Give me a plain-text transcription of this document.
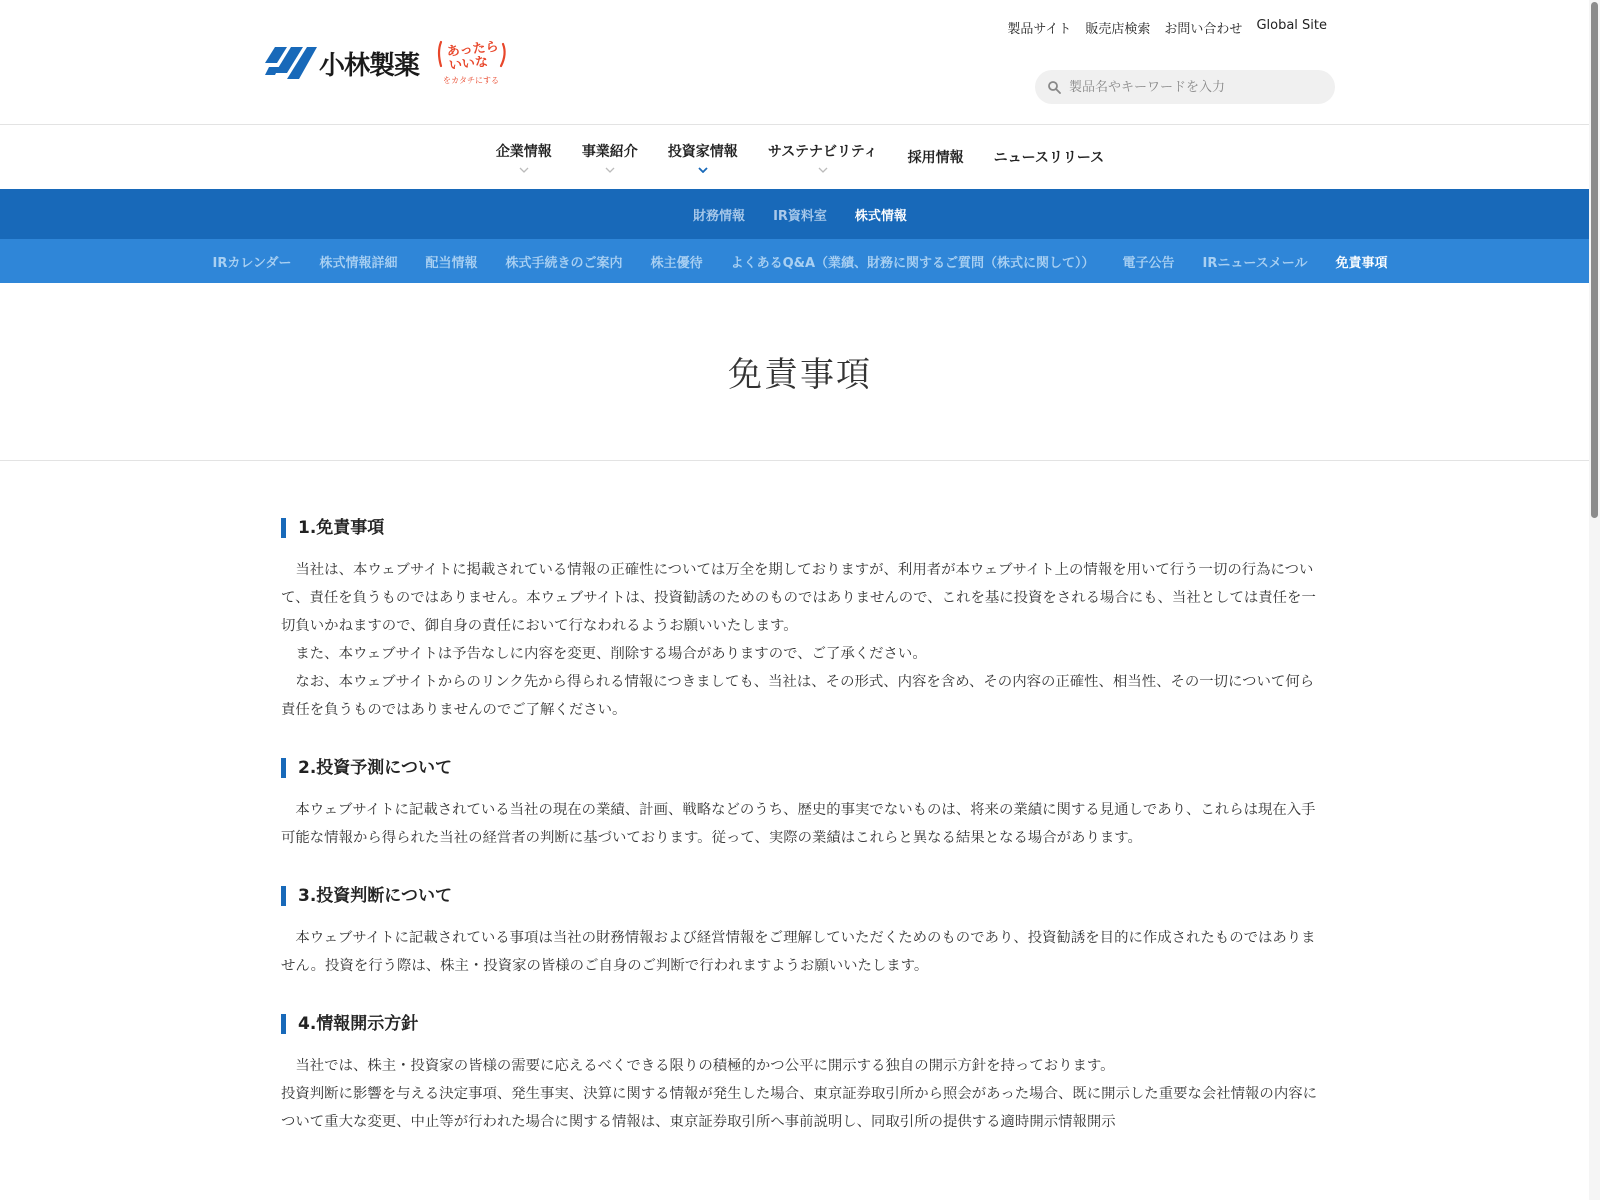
小林製薬
あったら
いいな
をカタチにする
製品サイト 販売店検索 お問い合わせ Global Site
製品名やキーワードを入力
企業情報 事業紹介 投資家情報 サステナビリティ 採用情報 ニュースリリース
財務情報	IR資料室	株式情報
IRカレンダー	株式情報詳細	配当情報	株式手続きのご案内	株主優待	よくあるQ&A（業績、財務に関するご質問（株式に関して））	電子公告	IRニュースメール	免責事項
免責事項
1.免責事項

当社は、本ウェブサイトに掲載されている情報の正確性については万全を期しておりますが、利用者が本ウェブサイト上の情報を用いて行う一切の行為について、責任を負うものではありません。本ウェブサイトは、投資勧誘のためのものではありませんので、これを基に投資をされる場合にも、当社としては責任を一切負いかねますので、御自身の責任において行なわれるようお願いいたします。

また、本ウェブサイトは予告なしに内容を変更、削除する場合がありますので、ご了承ください。

なお、本ウェブサイトからのリンク先から得られる情報につきましても、当社は、その形式、内容を含め、その内容の正確性、相当性、その一切について何ら責任を負うものではありませんのでご了解ください。

2.投資予測について

本ウェブサイトに記載されている当社の現在の業績、計画、戦略などのうち、歴史的事実でないものは、将来の業績に関する見通しであり、これらは現在入手可能な情報から得られた当社の経営者の判断に基づいております。従って、実際の業績はこれらと異なる結果となる場合があります。

3.投資判断について

本ウェブサイトに記載されている事項は当社の財務情報および経営情報をご理解していただくためのものであり、投資勧誘を目的に作成されたものではありません。投資を行う際は、株主・投資家の皆様のご自身のご判断で行われますようお願いいたします。

4.情報開示方針

当社では、株主・投資家の皆様の需要に応えるべくできる限りの積極的かつ公平に開示する独自の開示方針を持っております。

投資判断に影響を与える決定事項、発生事実、決算に関する情報が発生した場合、東京証券取引所から照会があった場合、既に開示した重要な会社情報の内容について重大な変更、中止等が行われた場合に関する情報は、東京証券取引所へ事前説明し、同取引所の提供する適時開示情報開示
